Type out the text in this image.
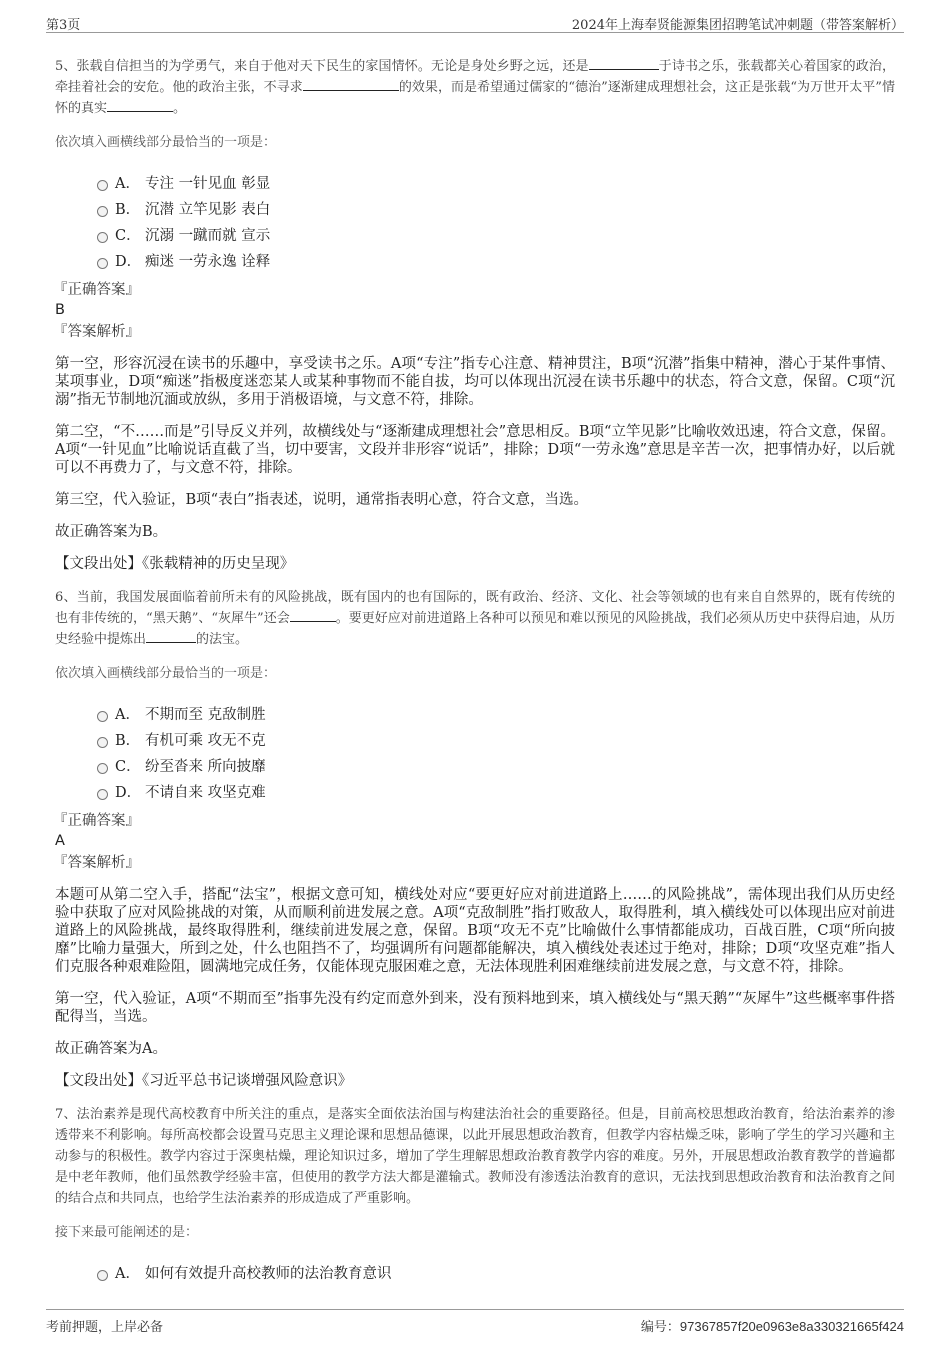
第3页	2024年上海奉贤能源集团招聘笔试冲刺题（带答案解析）

5、张载自信担当的为学勇气，来自于他对天下民生的家国情怀。无论是身处乡野之远，还是	于诗书之乐，张载都关心着国家的政治，牵挂着社会的安危。他的政治主张，不寻求	的效果，而是希望通过儒家的“德治”逐渐建成理想社会，这正是张载“为万世开太平”情怀的真实	。

依次填入画横线部分最恰当的一项是：

A． 专注 一针见血 彰显
B． 沉潜 立竿见影 表白
C． 沉溺 一蹴而就 宣示
D． 痴迷 一劳永逸 诠释
『正确答案』
B
『答案解析』

第一空，形容沉浸在读书的乐趣中，享受读书之乐。A项“专注”指专心注意、精神贯注，B项“沉潜”指集中精神，潜心于某件事情、某项事业，D项“痴迷”指极度迷恋某人或某种事物而不能自拔，均可以体现出沉浸在读书乐趣中的状态，符合文意，保留。C项“沉溺”指无节制地沉湎或放纵，多用于消极语境，与文意不符，排除。

第二空，“不……而是”引导反义并列，故横线处与“逐渐建成理想社会”意思相反。B项“立竿见影”比喻收效迅速，符合文意，保留。A项“一针见血”比喻说话直截了当，切中要害，文段并非形容“说话”，排除；D项“一劳永逸”意思是辛苦一次，把事情办好，以后就可以不再费力了，与文意不符，排除。

第三空，代入验证，B项“表白”指表述，说明，通常指表明心意，符合文意，当选。

故正确答案为B。

【文段出处】《张载精神的历史呈现》

6、当前，我国发展面临着前所未有的风险挑战，既有国内的也有国际的，既有政治、经济、文化、社会等领域的也有来自自然界的，既有传统的也有非传统的，“黑天鹅”、“灰犀牛”还会	。要更好应对前进道路上各种可以预见和难以预见的风险挑战，我们必须从历史中获得启迪，从历史经验中提炼出	的法宝。

依次填入画横线部分最恰当的一项是：

A． 不期而至 克敌制胜
B． 有机可乘 攻无不克
C． 纷至沓来 所向披靡
D． 不请自来 攻坚克难
『正确答案』
A
『答案解析』

本题可从第二空入手，搭配“法宝”，根据文意可知，横线处对应“要更好应对前进道路上……的风险挑战”，需体现出我们从历史经验中获取了应对风险挑战的对策，从而顺利前进发展之意。A项“克敌制胜”指打败敌人，取得胜利，填入横线处可以体现出应对前进道路上的风险挑战，最终取得胜利，继续前进发展之意，保留。B项“攻无不克”比喻做什么事情都能成功，百战百胜，C项“所向披靡”比喻力量强大，所到之处，什么也阻挡不了，均强调所有问题都能解决，填入横线处表述过于绝对，排除；D项“攻坚克难”指人们克服各种艰难险阻，圆满地完成任务，仅能体现克服困难之意，无法体现胜利困难继续前进发展之意，与文意不符，排除。

第一空，代入验证，A项“不期而至”指事先没有约定而意外到来，没有预料地到来，填入横线处与“黑天鹅”“灰犀牛”这些概率事件搭配得当，当选。

故正确答案为A。

【文段出处】《习近平总书记谈增强风险意识》

7、法治素养是现代高校教育中所关注的重点，是落实全面依法治国与构建法治社会的重要路径。但是，目前高校思想政治教育，给法治素养的渗透带来不利影响。每所高校都会设置马克思主义理论课和思想品德课，以此开展思想政治教育，但教学内容枯燥乏味，影响了学生的学习兴趣和主动参与的积极性。教学内容过于深奥枯燥，理论知识过多，增加了学生理解思想政治教育教学内容的难度。另外，开展思想政治教育教学的普遍都是中老年教师，他们虽然教学经验丰富，但使用的教学方法大都是灌输式。教师没有渗透法治教育的意识，无法找到思想政治教育和法治教育之间的结合点和共同点，也给学生法治素养的形成造成了严重影响。

接下来最可能阐述的是：

A． 如何有效提升高校教师的法治教育意识
考前押题，上岸必备	编号：97367857f20e0963e8a330321665f424
